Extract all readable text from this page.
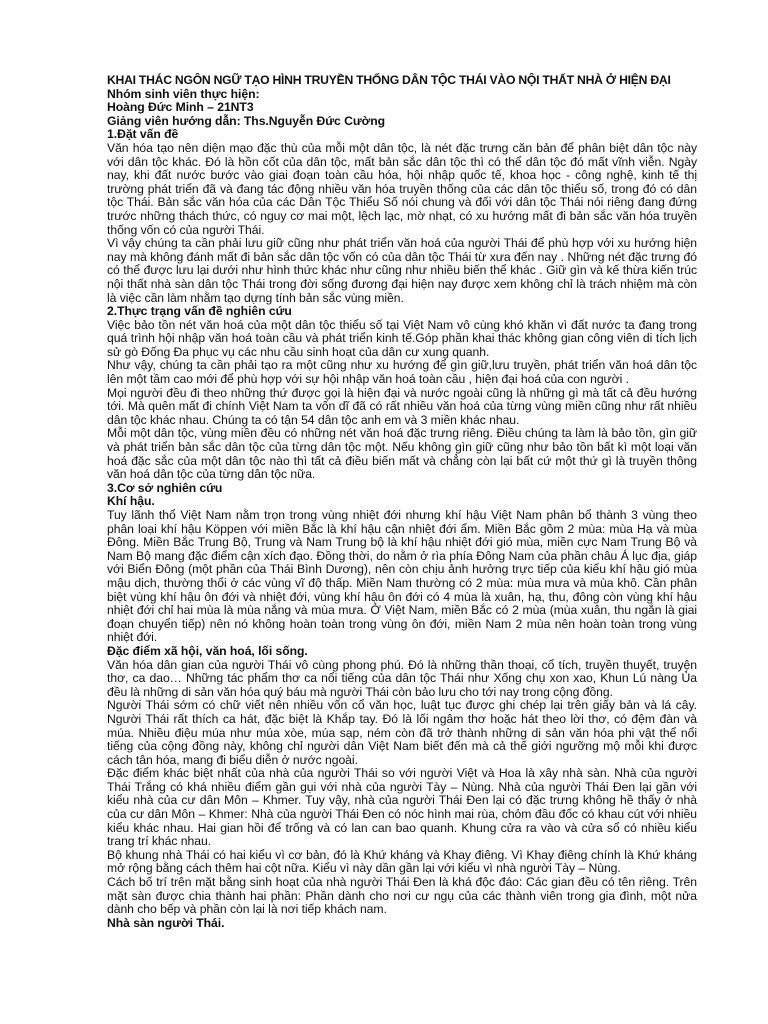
KHAI THÁC NGÔN NGỮ TẠO HÌNH TRUYỀN THỐNG DÂN TỘC THÁI VÀO NỘI THẤT NHÀ Ở HIỆN ĐẠI

Nhóm sinh viên thực hiện:

Hoàng Đức Minh – 21NT3

Giảng viên hướng dẫn: Ths.Nguyễn Đức Cường

1.Đặt vấn đề

Văn hóa tạo nên diện mạo đặc thù của mỗi một dân tộc, là nét đặc trưng căn bản để phân biệt dân tộc này với dân tộc khác. Đó là hồn cốt của dân tộc, mất bản sắc dân tộc thì có thể dân tộc đó mất vĩnh viễn. Ngày nay, khi đất nước bước vào giai đoạn toàn cầu hóa, hội nhập quốc tế, khoa học - công nghệ, kinh tế thị trường phát triển đã và đang tác động nhiều văn hóa truyền thống của các dân tộc thiểu số, trong đó có dân tộc Thái. Bản sắc văn hóa của các Dân Tộc Thiểu Số nói chung và đối với dân tộc Thái nói riêng đang đứng trước những thách thức, có nguy cơ mai một, lệch lạc, mờ nhạt, có xu hướng mất đi bản sắc văn hóa truyền thống vốn có của người Thái.

Vì vậy chúng ta cần phải lưu giữ cũng như phát triển văn hoá của người Thái để phù hợp với xu hướng hiện nay mà không đánh mất đi bản sắc dân tộc vốn có của dân tộc Thái từ xưa đến nay . Những nét đặc trưng đó có thể được lưu lại dưới như hình thức khác như cũng như nhiều biến thể khác . Giữ gìn và kế thừa kiến trúc nội thất nhà sàn dân tộc Thái trong đời sống đương đại hiện nay được xem không chỉ là trách nhiệm mà còn là việc cần làm nhằm tạo dựng tính bản sắc vùng miền.

2.Thực trạng vấn đề nghiên cứu

Việc bảo tồn nét văn hoá của một dân tộc thiểu số tại Việt Nam vô cùng khó khăn vì đất nước ta đang trong quá trình hội nhập văn hoá toàn cầu và phát triển kinh tế.Góp phần khai thác không gian công viên di tích lịch sử gò Đống Đa phục vụ các nhu cầu sinh hoạt của dân cư xung quanh.

Như vậy, chúng ta cần phải tạo ra một cũng như xu hướng để gìn giữ,lưu truyền, phát triển văn hoá dân tộc lên một tầm cao mới để phù hợp với sự hội nhập văn hoá toàn cầu , hiện đại hoá của con người .

Mọi người đều đi theo những thứ được gọi là hiện đại và nước ngoài cũng là những gì mà tất cả đều hướng tới. Mà quên mất đi chính Việt Nam ta vốn dĩ đã có rất nhiều văn hoá của từng vùng miền cũng như rất nhiều dân tộc khác nhau. Chúng ta có tận 54 dân tộc anh em và 3 miền khác nhau.

Mỗi một dân tộc, vùng miền đều có những nét văn hoá đặc trưng riêng. Điều chúng ta làm là bảo tồn, gìn giữ và phát triển bản sắc dân tộc của từng dân tộc một. Nếu không gìn giữ cũng như bảo tồn bất kì một loại văn hoá đặc sắc của một dân tộc nào thì tất cả điều biến mất và chẳng còn lại bất cứ một thứ gì là truyền thông văn hoá dân tộc của từng dân tộc nữa.

3.Cơ sở nghiên cứu

Khí hậu.

Tuy lãnh thổ Việt Nam nằm trọn trong vùng nhiệt đới nhưng khí hậu Việt Nam phân bổ thành 3 vùng theo phân loại khí hậu Köppen với miền Bắc là khí hậu cận nhiệt đới ẩm. Miền Bắc gồm 2 mùa: mùa Hạ và mùa Đông. Miền Bắc Trung Bộ, Trung và Nam Trung bộ là khí hậu nhiệt đới gió mùa, miền cực Nam Trung Bộ và Nam Bộ mang đặc điểm cận xích đạo. Đồng thời, do nằm ở rìa phía Đông Nam của phần châu Á lục địa, giáp với Biển Đông (một phần của Thái Bình Dương), nên còn chịu ảnh hưởng trực tiếp của kiểu khí hậu gió mùa mậu dịch, thường thổi ở các vùng vĩ độ thấp. Miền Nam thường có 2 mùa: mùa mưa và mùa khô. Cần phân biệt vùng khí hậu ôn đới và nhiệt đới, vùng khí hậu ôn đới có 4 mùa là xuân, hạ, thu, đông còn vùng khí hậu nhiệt đới chỉ hai mùa là mùa nắng và mùa mưa. Ở Việt Nam, miền Bắc có 2 mùa (mùa xuân, thu ngắn là giai đoạn chuyển tiếp) nên nó không hoàn toàn trong vùng ôn đới, miền Nam 2 mùa nên hoàn toàn trong vùng nhiệt đới.

Đặc điểm xã hội, văn hoá, lối sống.

Văn hóa dân gian của người Thái vô cùng phong phú. Đó là những thần thoại, cổ tích, truyền thuyết, truyện thơ, ca dao… Những tác phẩm thơ ca nổi tiếng của dân tộc Thái như Xống chụ xon xao, Khun Lú nàng Ủa đều là những di sản văn hóa quý báu mà người Thái còn bảo lưu cho tới nay trong cộng đồng.

Người Thái sớm có chữ viết nên nhiều vốn cổ văn học, luật tục được ghi chép lại trên giấy bản và lá cây. Người Thái rất thích ca hát, đặc biệt là Khắp tay. Đó là lối ngâm thơ hoặc hát theo lời thơ, có đệm đàn và múa. Nhiều điệu múa như múa xòe, múa sạp, ném còn đã trở thành những di sản văn hóa phi vật thể nổi tiếng của cộng đồng này, không chỉ người dân Việt Nam biết đến mà cả thế giới ngưỡng mộ mỗi khi được cách tân hóa, mang đi biểu diễn ở nước ngoài.

Đặc điểm khác biệt nhất của nhà của người Thái so với người Việt và Hoa là xây nhà sàn. Nhà của người Thái Trắng có khá nhiều điểm gần gụi với nhà của người Tày – Nùng. Nhà của người Thái Đen lại gần với kiểu nhà của cư dân Môn – Khmer. Tuy vậy, nhà của người Thái Đen lại có đặc trưng không hề thấy ở nhà của cư dân Môn – Khmer: Nhà của người Thái Đen có nóc hình mai rùa, chỏm đầu đốc có khau cút với nhiều kiểu khác nhau. Hai gian hồi để trống và có lan can bao quanh. Khung cửa ra vào và cửa sổ có nhiều kiểu trang trí khác nhau.

Bộ khung nhà Thái có hai kiểu vì cơ bản, đó là Khứ kháng và Khay điêng. Vì Khay điêng chính là Khứ kháng mở rộng bằng cách thêm hai cột nữa. Kiểu vì này dần gần lại với kiểu vì nhà người Tày – Nùng.

Cách bố trí trên mặt bằng sinh hoạt của nhà người Thái Đen là khá độc đáo: Các gian đều có tên riêng. Trên mặt sàn được chia thành hai phần: Phần dành cho nơi cư ngụ của các thành viên trong gia đình, một nửa dành cho bếp và phần còn lại là nơi tiếp khách nam.

Nhà sàn người Thái.
